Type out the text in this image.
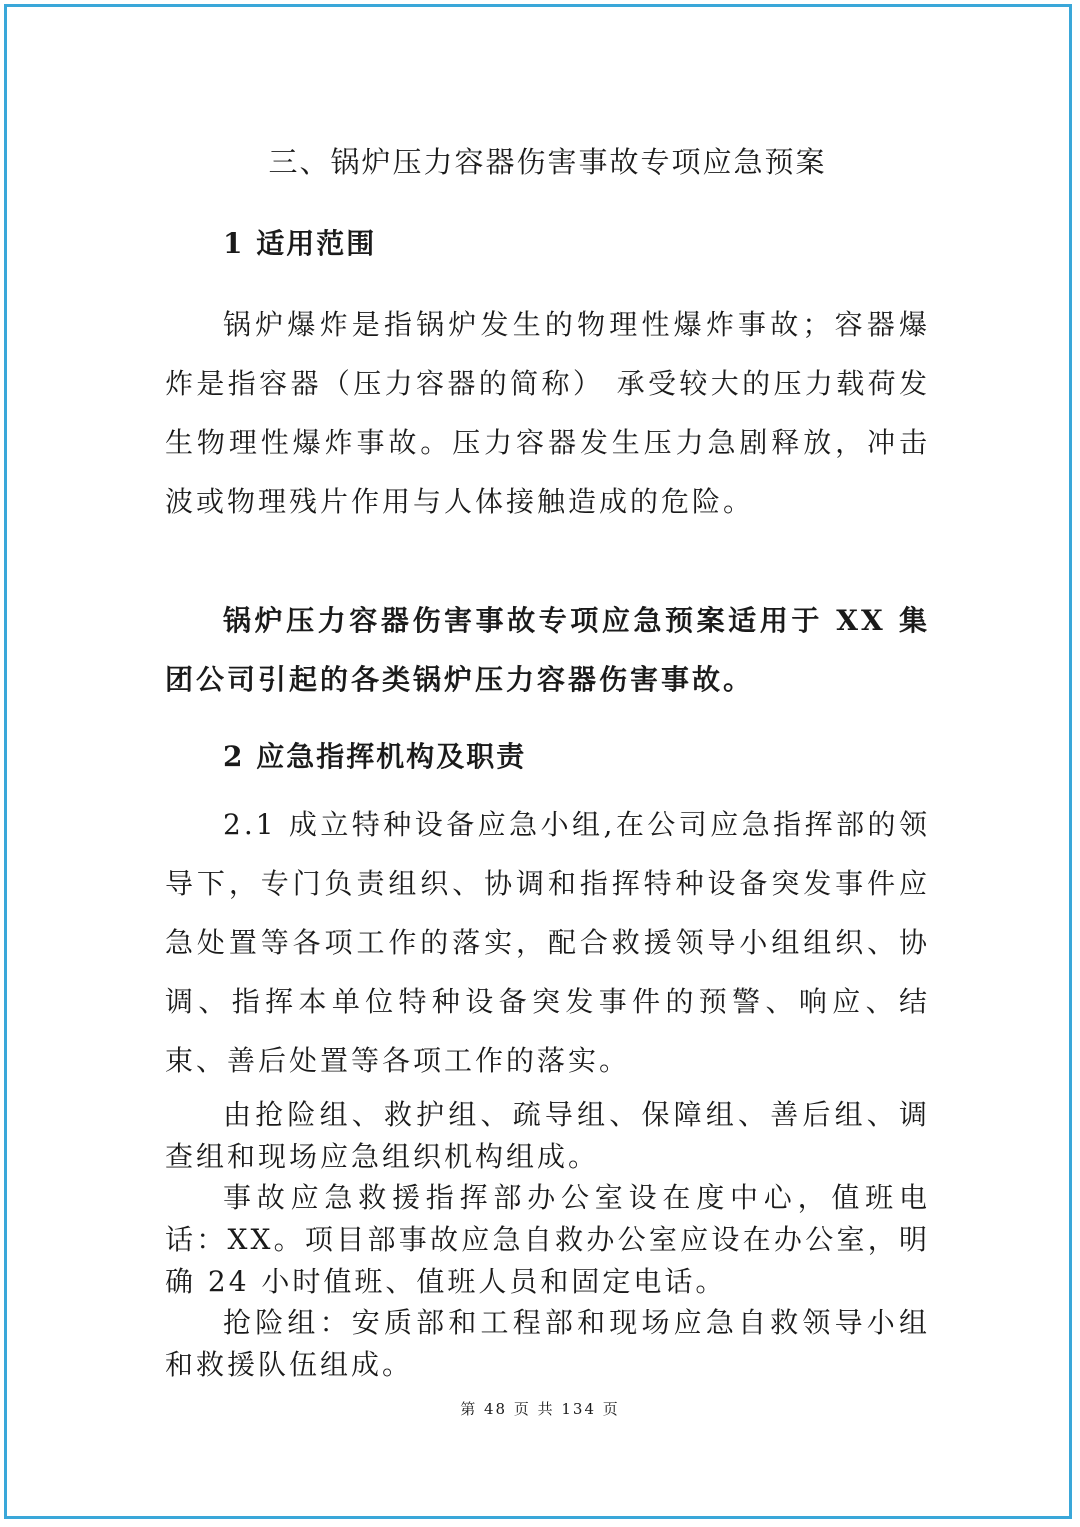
三、锅炉压力容器伤害事故专项应急预案
1 适用范围

锅炉爆炸是指锅炉发生的物理性爆炸事故；容器爆炸是指容器（压力容器的简称） 承受较大的压力载荷发生物理性爆炸事故。压力容器发生压力急剧释放，冲击波或物理残片作用与人体接触造成的危险。

锅炉压力容器伤害事故专项应急预案适用于 XX 集团公司引起的各类锅炉压力容器伤害事故。

2 应急指挥机构及职责

2.1 成立特种设备应急小组,在公司应急指挥部的领导下，专门负责组织、协调和指挥特种设备突发事件应急处置等各项工作的落实，配合救援领导小组组织、协调、指挥本单位特种设备突发事件的预警、响应、结束、善后处置等各项工作的落实。

由抢险组、救护组、疏导组、保障组、善后组、调查组和现场应急组织机构组成。

事故应急救援指挥部办公室设在度中心，值班电话：XX。项目部事故应急自救办公室应设在办公室，明确 24 小时值班、值班人员和固定电话。

抢险组：安质部和工程部和现场应急自救领导小组和救援队伍组成。

第 48 页 共 134 页
